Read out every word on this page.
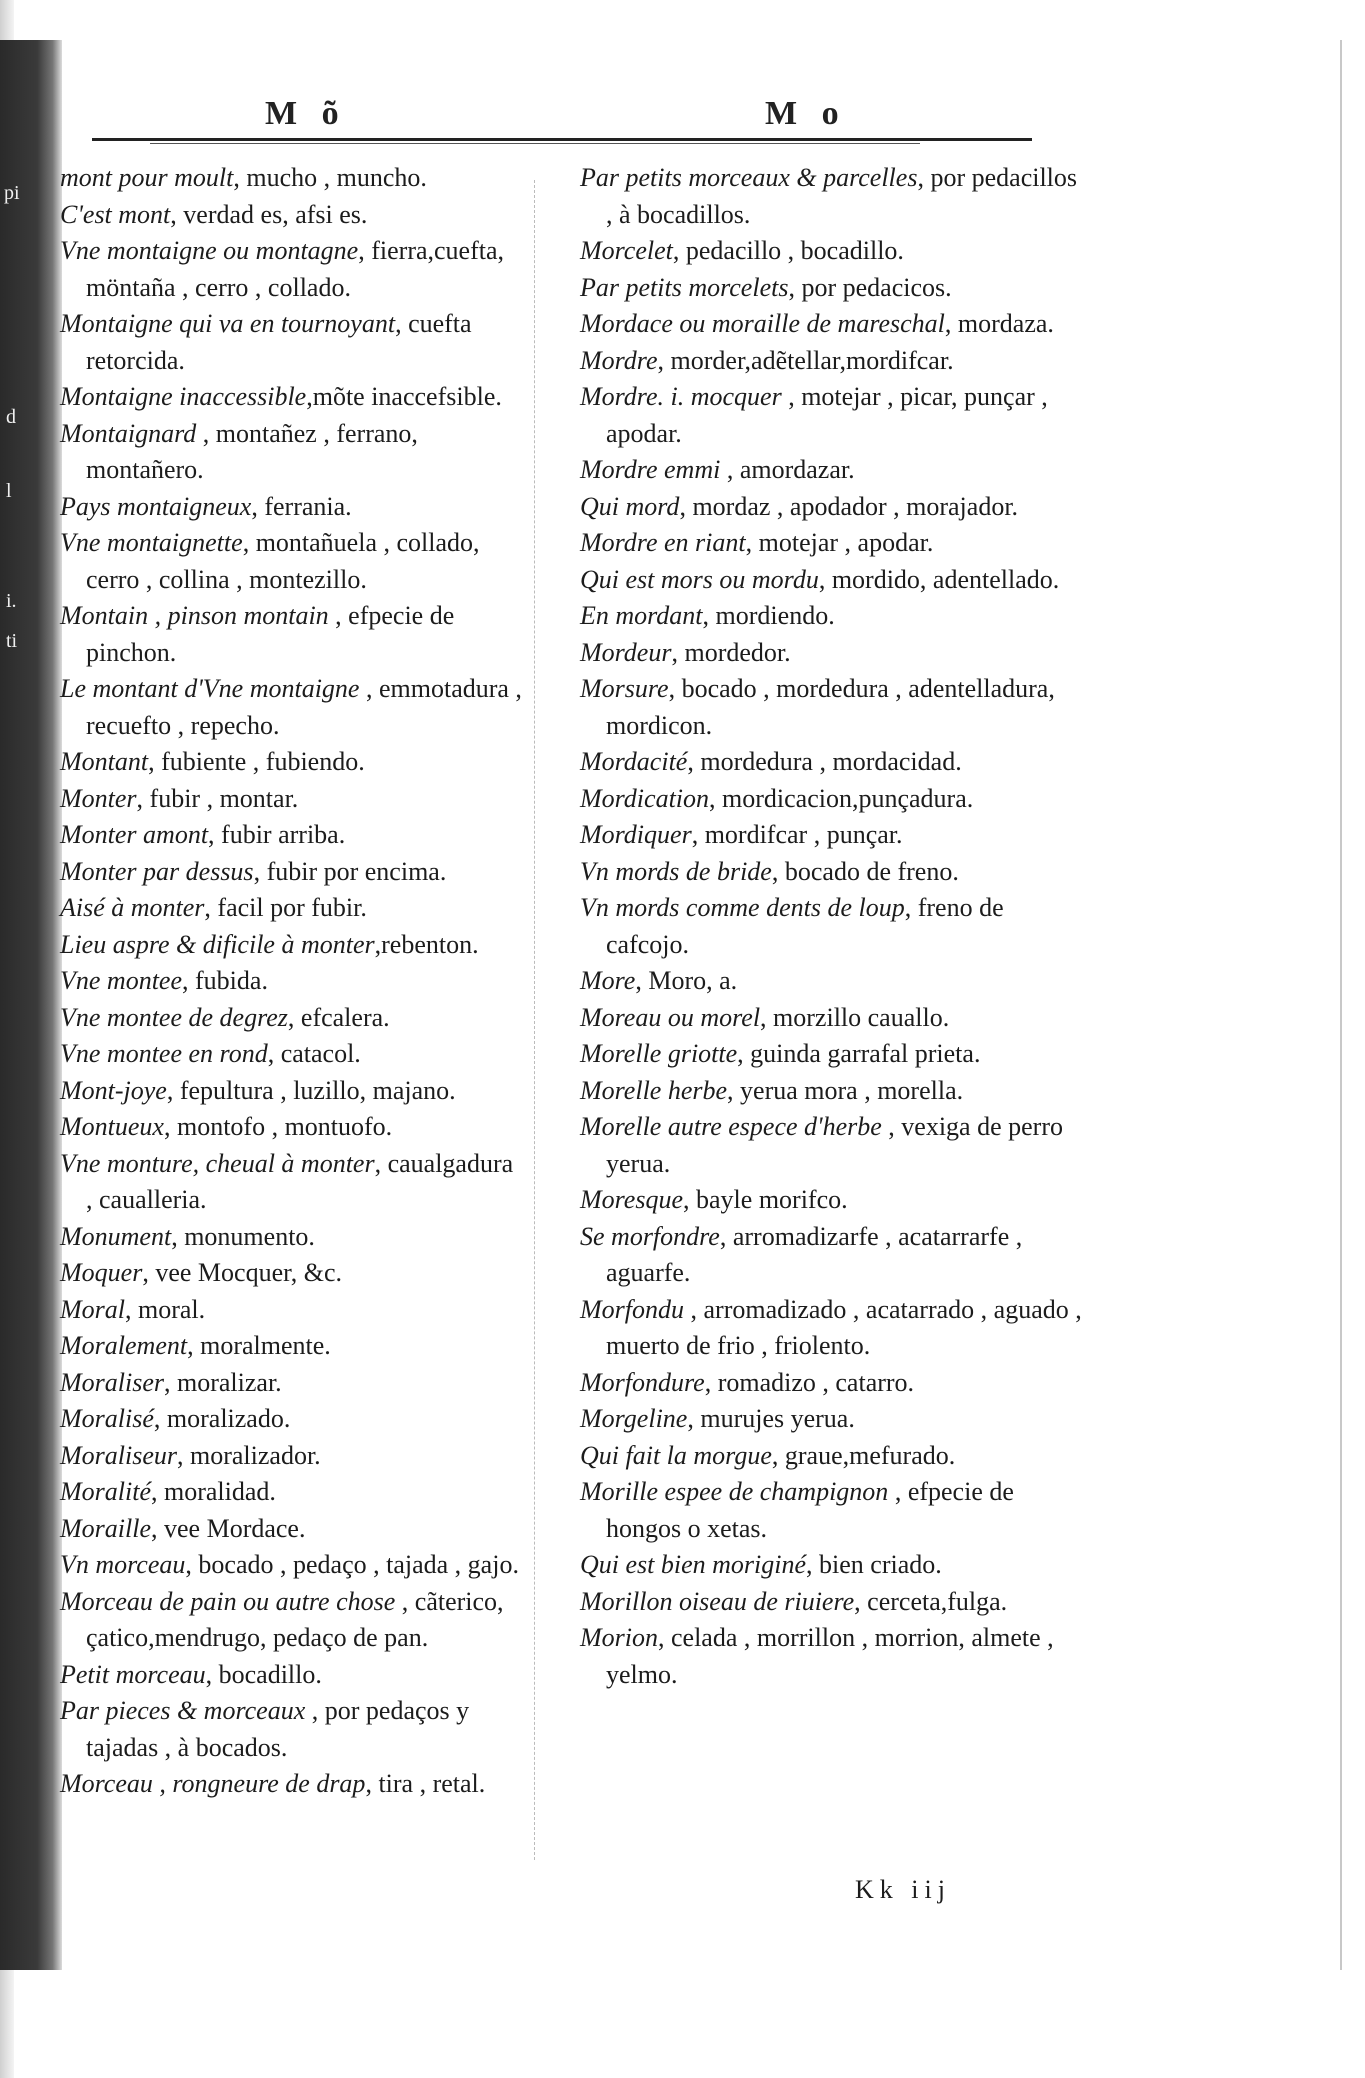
pi
d
l
i.
ti
M õ	M o

mont pour moult, mucho , muncho.

C'est mont, verdad es, afsi es.

Vne montaigne ou montagne, fierra,cuefta, möntaña , cerro , collado.

Montaigne qui va en tournoyant, cuefta retorcida.

Montaigne inaccessible,mõte inaccefsible.

Montaignard , montañez , ferrano, montañero.

Pays montaigneux, ferrania.

Vne montaignette, montañuela , collado, cerro , collina , montezillo.

Montain , pinson montain , efpecie de pinchon.

Le montant d'Vne montaigne , emmotadura , recuefto , repecho.

Montant, fubiente , fubiendo.

Monter, fubir , montar.

Monter amont, fubir arriba.

Monter par dessus, fubir por encima.

Aisé à monter, facil por fubir.

Lieu aspre & dificile à monter,rebenton.

Vne montee, fubida.

Vne montee de degrez, efcalera.

Vne montee en rond, catacol.

Mont-joye, fepultura , luzillo, majano.

Montueux, montofo , montuofo.

Vne monture, cheual à monter, caualgadura , caualleria.

Monument, monumento.

Moquer, vee Mocquer, &c.

Moral, moral.

Moralement, moralmente.

Moraliser, moralizar.

Moralisé, moralizado.

Moraliseur, moralizador.

Moralité, moralidad.

Moraille, vee Mordace.

Vn morceau, bocado , pedaço , tajada , gajo.

Morceau de pain ou autre chose , cãterico, çatico,mendrugo, pedaço de pan.

Petit morceau, bocadillo.

Par pieces & morceaux , por pedaços y tajadas , à bocados.

Morceau , rongneure de drap, tira , retal.

Par petits morceaux & parcelles, por pedacillos , à bocadillos.

Morcelet, pedacillo , bocadillo.

Par petits morcelets, por pedacicos.

Mordace ou moraille de mareschal, mordaza.

Mordre, morder,adẽtellar,mordifcar.

Mordre. i. mocquer , motejar , picar, punçar , apodar.

Mordre emmi , amordazar.

Qui mord, mordaz , apodador , morajador.

Mordre en riant, motejar , apodar.

Qui est mors ou mordu, mordido, adentellado.

En mordant, mordiendo.

Mordeur, mordedor.

Morsure, bocado , mordedura , adentelladura, mordicon.

Mordacité, mordedura , mordacidad.

Mordication, mordicacion,punçadura.

Mordiquer, mordifcar , punçar.

Vn mords de bride, bocado de freno.

Vn mords comme dents de loup, freno de cafcojo.

More, Moro, a.

Moreau ou morel, morzillo cauallo.

Morelle griotte, guinda garrafal prieta.

Morelle herbe, yerua mora , morella.

Morelle autre espece d'herbe , vexiga de perro yerua.

Moresque, bayle morifco.

Se morfondre, arromadizarfe , acatarrarfe , aguarfe.

Morfondu , arromadizado , acatarrado , aguado , muerto de frio , friolento.

Morfondure, romadizo , catarro.

Morgeline, murujes yerua.

Qui fait la morgue, graue,mefurado.

Morille espee de champignon , efpecie de hongos o xetas.

Qui est bien moriginé, bien criado.

Morillon oiseau de riuiere, cerceta,fulga.

Morion, celada , morrillon , morrion, almete , yelmo.

Kk iij
